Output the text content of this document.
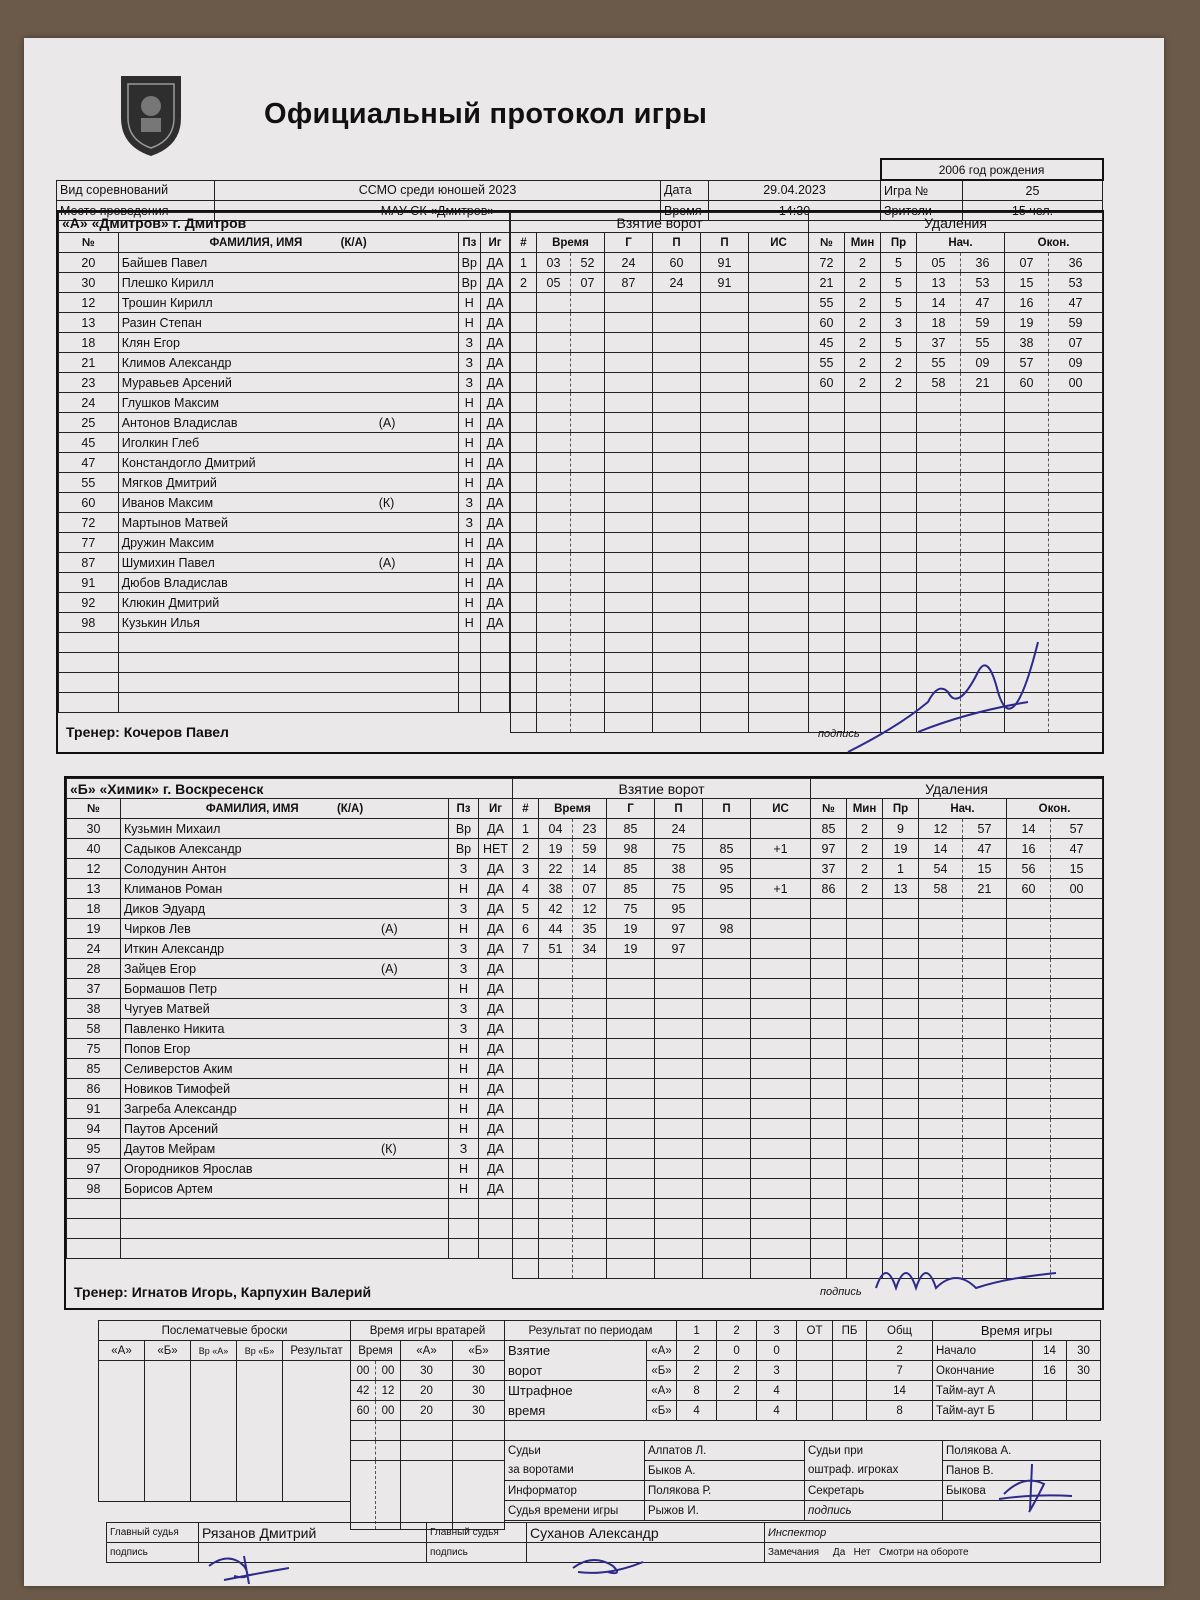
Официальный протокол игры
				2006 год рождения	
Вид соревнований	ССМО среди юношей 2023	Дата	29.04.2023	Игра №	25
Место проведения	МАУ СК «Дмитров»	Время	14:30	Зрители	15 чел.
«А» «Дмитров» г. Дмитров			
№	ФАМИЛИЯ, ИМЯ (К/А)	Пз	Иг
20	Байшев Павел	Вр	ДА
30	Плешко Кирилл	Вр	ДА
12	Трошин Кирилл	Н	ДА
13	Разин Степан	Н	ДА
18	Клян Егор	З	ДА
21	Климов Александр	З	ДА
23	Муравьев Арсений	З	ДА
24	Глушков Максим	Н	ДА
25	Антонов Владислав (А)	Н	ДА
45	Иголкин Глеб	Н	ДА
47	Констандогло Дмитрий	Н	ДА
55	Мягков Дмитрий	Н	ДА
60	Иванов Максим (К)	З	ДА
72	Мартынов Матвей	З	ДА
77	Дружин Максим	Н	ДА
87	Шумихин Павел (А)	Н	ДА
91	Дюбов Владислав	Н	ДА
92	Клюкин Дмитрий	Н	ДА
98	Кузькин Илья	Н	ДА

Тренер: Кочеров Павел
Взятие ворот						
#	Время		Г	П	П	ИС
1	03	52	24	60	91	
2	05	07	87	24	91	

Удаления						
№	Мин	Пр	Нач.		Окон.	
72	2	5	05	36	07	36
21	2	5	13	53	15	53
55	2	5	14	47	16	47
60	2	3	18	59	19	59
45	2	5	37	55	38	07
55	2	2	55	09	57	09
60	2	2	58	21	60	00

подпись
«Б» «Химик» г. Воскресенск			
№	ФАМИЛИЯ, ИМЯ (К/А)	Пз	Иг
30	Кузьмин Михаил	Вр	ДА
40	Садыков Александр	Вр	НЕТ
12	Солодунин Антон	З	ДА
13	Климанов Роман	Н	ДА
18	Диков Эдуард	З	ДА
19	Чирков Лев (А)	Н	ДА
24	Иткин Александр	З	ДА
28	Зайцев Егор (А)	З	ДА
37	Бормашов Петр	Н	ДА
38	Чугуев Матвей	З	ДА
58	Павленко Никита	З	ДА
75	Попов Егор	Н	ДА
85	Селиверстов Аким	Н	ДА
86	Новиков Тимофей	Н	ДА
91	Загреба Александр	Н	ДА
94	Паутов Арсений	Н	ДА
95	Даутов Мейрам (К)	З	ДА
97	Огородников Ярослав	Н	ДА
98	Борисов Артем	Н	ДА

Тренер: Игнатов Игорь, Карпухин Валерий
Взятие ворот						
#	Время		Г	П	П	ИС
1	04	23	85	24		
2	19	59	98	75	85	+1
3	22	14	85	38	95	
4	38	07	85	75	95	+1
5	42	12	75	95		
6	44	35	19	97	98	
7	51	34	19	97		

Удаления						
№	Мин	Пр	Нач.		Окон.	
85	2	9	12	57	14	57
97	2	19	14	47	16	47
37	2	1	54	15	56	15
86	2	13	58	21	60	00

подпись
Послематчевые броски				
«А»	«Б»	Вр «А»	Вр «Б»	Результат

Время игры вратарей			
Время		«А»	«Б»
00	00	30	30
42	12	20	30
60	00	20	30

Результат по периодам		1	2	3	ОТ	ПБ	Общ
Взятие	«А»	2	0	0			2
ворот	«Б»	2	2	3			7
Штрафное	«А»	8	2	4			14
время	«Б»	4		4			8
Время игры		
Начало	14	30
Окончание	16	30
Тайм-аут А		
Тайм-аут Б		
Судьи	Алпатов Л.	Судьи при	Полякова А.
за воротами	Быков А.	оштраф. игроках	Панов В.
Информатор	Полякова Р.	Секретарь	Быкова
Судья времени игры	Рыжов И.	подпись	
Главный судья	Рязанов Дмитрий	Главный судья	Суханов Александр	Инспектор
подпись		подпись		Замечания Да Нет Смотри на обороте
